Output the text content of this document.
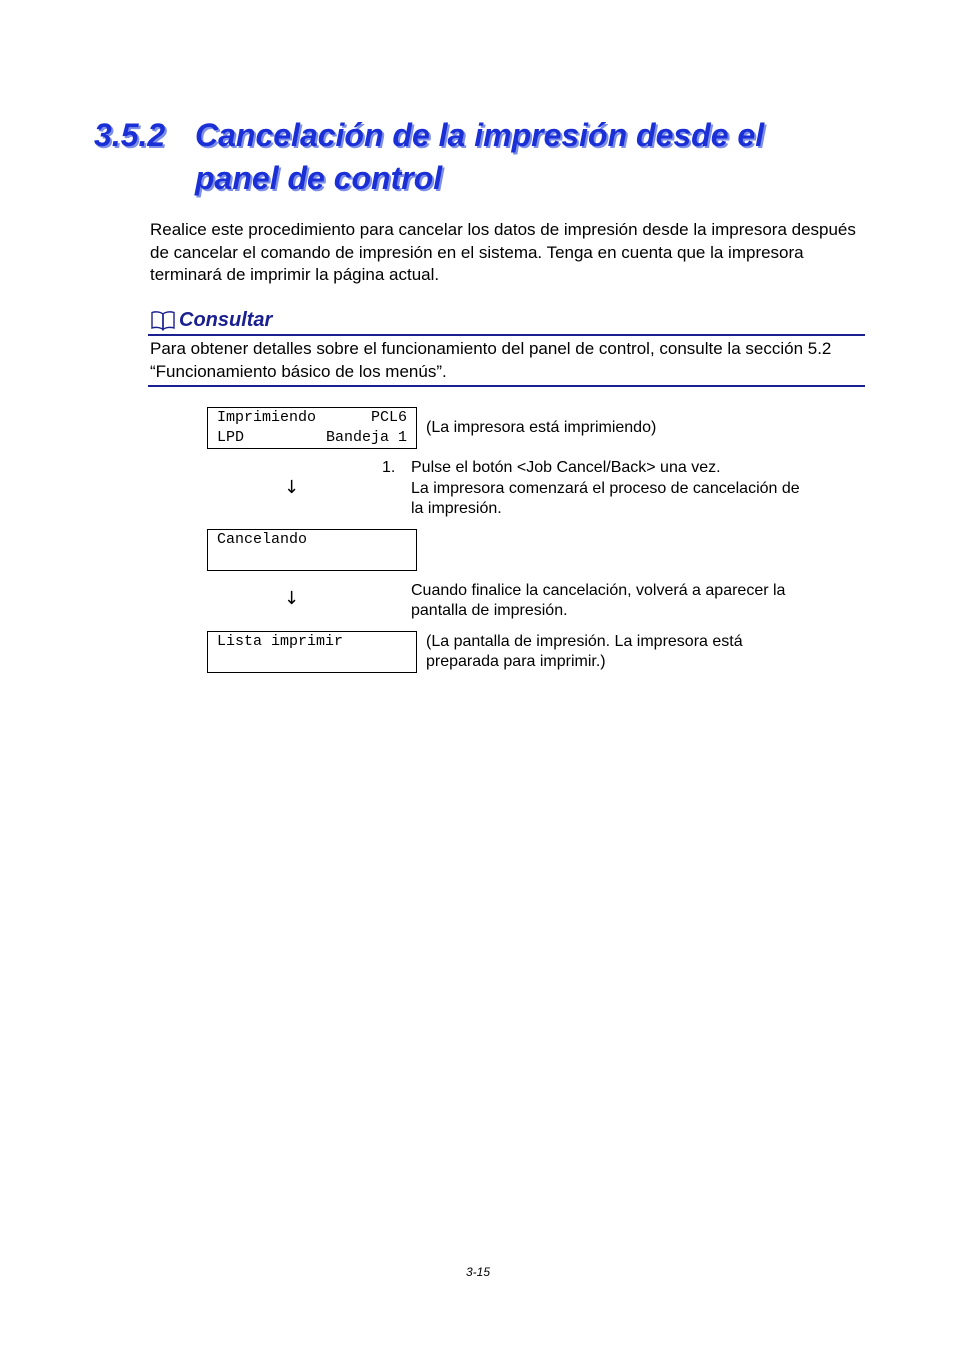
3.5.2 Cancelación de la impresión desde el
panel de control

Realice este procedimiento para cancelar los datos de impresión desde la impresora después de cancelar el comando de impresión en el sistema. Tenga en cuenta que la impresora terminará de imprimir la página actual.

Consultar

Para obtener detalles sobre el funcionamiento del panel de control, consulte la sección 5.2 “Funcionamiento básico de los menús”.

Imprimiendo

	PCL6

LPD

	Bandeja 1

(La impresora está imprimiendo)
↓
1. Pulse el botón <Job Cancel/Back> una vez.
La impresora comenzará el proceso de cancelación de
la impresión.

Cancelando

↓	Cuando finalice la cancelación, volverá a aparecer la
pantalla de impresión.

Lista imprimir

	(La pantalla de impresión. La impresora está
preparada para imprimir.)
3-15
